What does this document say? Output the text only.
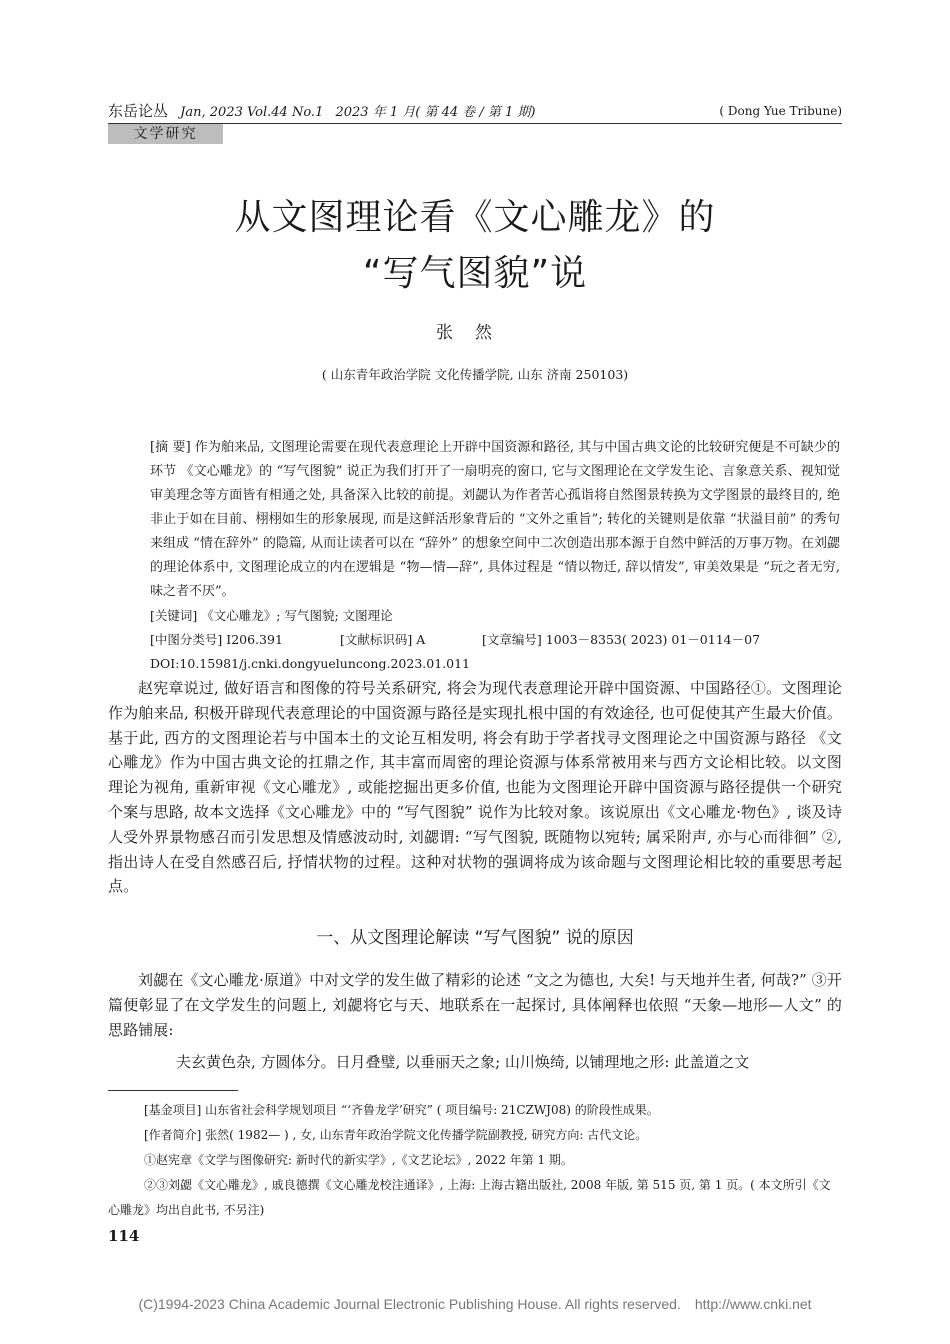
东岳论丛 Jan, 2023 Vol.44 No.1 2023 年 1 月( 第 44 卷 / 第 1 期)	( Dong Yue Tribune)
文学研究
从文图理论看《文心雕龙》的
“写气图貌”说
张然
( 山东青年政治学院 文化传播学院, 山东 济南 250103)
[摘 要] 作为舶来品, 文图理论需要在现代表意理论上开辟中国资源和路径, 其与中国古典文论的比较研究便是不可缺少的环节 《文心雕龙》的 “写气图貌” 说正为我们打开了一扇明亮的窗口, 它与文图理论在文学发生论、言象意关系、视知觉审美理念等方面皆有相通之处, 具备深入比较的前提。刘勰认为作者苦心孤诣将自然图景转换为文学图景的最终目的, 绝非止于如在目前、栩栩如生的形象展现, 而是这鲜活形象背后的 “文外之重旨”; 转化的关键则是依靠 “状溢目前” 的秀句来组成 “情在辞外” 的隐篇, 从而让读者可以在 “辞外” 的想象空间中二次创造出那本源于自然中鲜活的万事万物。在刘勰的理论体系中, 文图理论成立的内在逻辑是 “物—情—辞”, 具体过程是 “情以物迁, 辞以情发”, 审美效果是 “玩之者无穷, 味之者不厌”。
[关键词] 《文心雕龙》; 写气图貌; 文图理论
[中图分类号] I206.391	[文献标识码] A	[文章编号] 1003－8353( 2023) 01－0114－07
DOI:10.15981/j.cnki.dongyueluncong.2023.01.011

赵宪章说过, 做好语言和图像的符号关系研究, 将会为现代表意理论开辟中国资源、中国路径①。文图理论作为舶来品, 积极开辟现代表意理论的中国资源与路径是实现扎根中国的有效途径, 也可促使其产生最大价值。基于此, 西方的文图理论若与中国本土的文论互相发明, 将会有助于学者找寻文图理论之中国资源与路径 《文心雕龙》作为中国古典文论的扛鼎之作, 其丰富而周密的理论资源与体系常被用来与西方文论相比较。以文图理论为视角, 重新审视《文心雕龙》, 或能挖掘出更多价值, 也能为文图理论开辟中国资源与路径提供一个研究个案与思路, 故本文选择《文心雕龙》中的 “写气图貌” 说作为比较对象。该说原出《文心雕龙·物色》, 谈及诗人受外界景物感召而引发思想及情感波动时, 刘勰谓: “写气图貌, 既随物以宛转; 属采附声, 亦与心而徘徊” ②, 指出诗人在受自然感召后, 抒情状物的过程。这种对状物的强调将成为该命题与文图理论相比较的重要思考起点。

一、从文图理论解读 “写气图貌” 说的原因

刘勰在《文心雕龙·原道》中对文学的发生做了精彩的论述 “文之为德也, 大矣! 与天地并生者, 何哉?” ③开篇便彰显了在文学发生的问题上, 刘勰将它与天、地联系在一起探讨, 具体阐释也依照 “天象—地形—人文” 的思路铺展:

夫玄黄色杂, 方圆体分。日月叠璧, 以垂丽天之象; 山川焕绮, 以铺理地之形: 此盖道之文

[基金项目] 山东省社会科学规划项目 “‘齐鲁龙学’研究” ( 项目编号: 21CZWJ08) 的阶段性成果。

[作者简介] 张然( 1982— ) , 女, 山东青年政治学院文化传播学院副教授, 研究方向: 古代文论。

①赵宪章《文学与图像研究: 新时代的新实学》,《文艺论坛》, 2022 年第 1 期。

②③刘勰《文心雕龙》, 戚良德撰《文心雕龙校注通译》, 上海: 上海古籍出版社, 2008 年版, 第 515 页, 第 1 页。( 本文所引《文心雕龙》均出自此书, 不另注)

114
(C)1994-2023 China Academic Journal Electronic Publishing House. All rights reserved. http://www.cnki.net
